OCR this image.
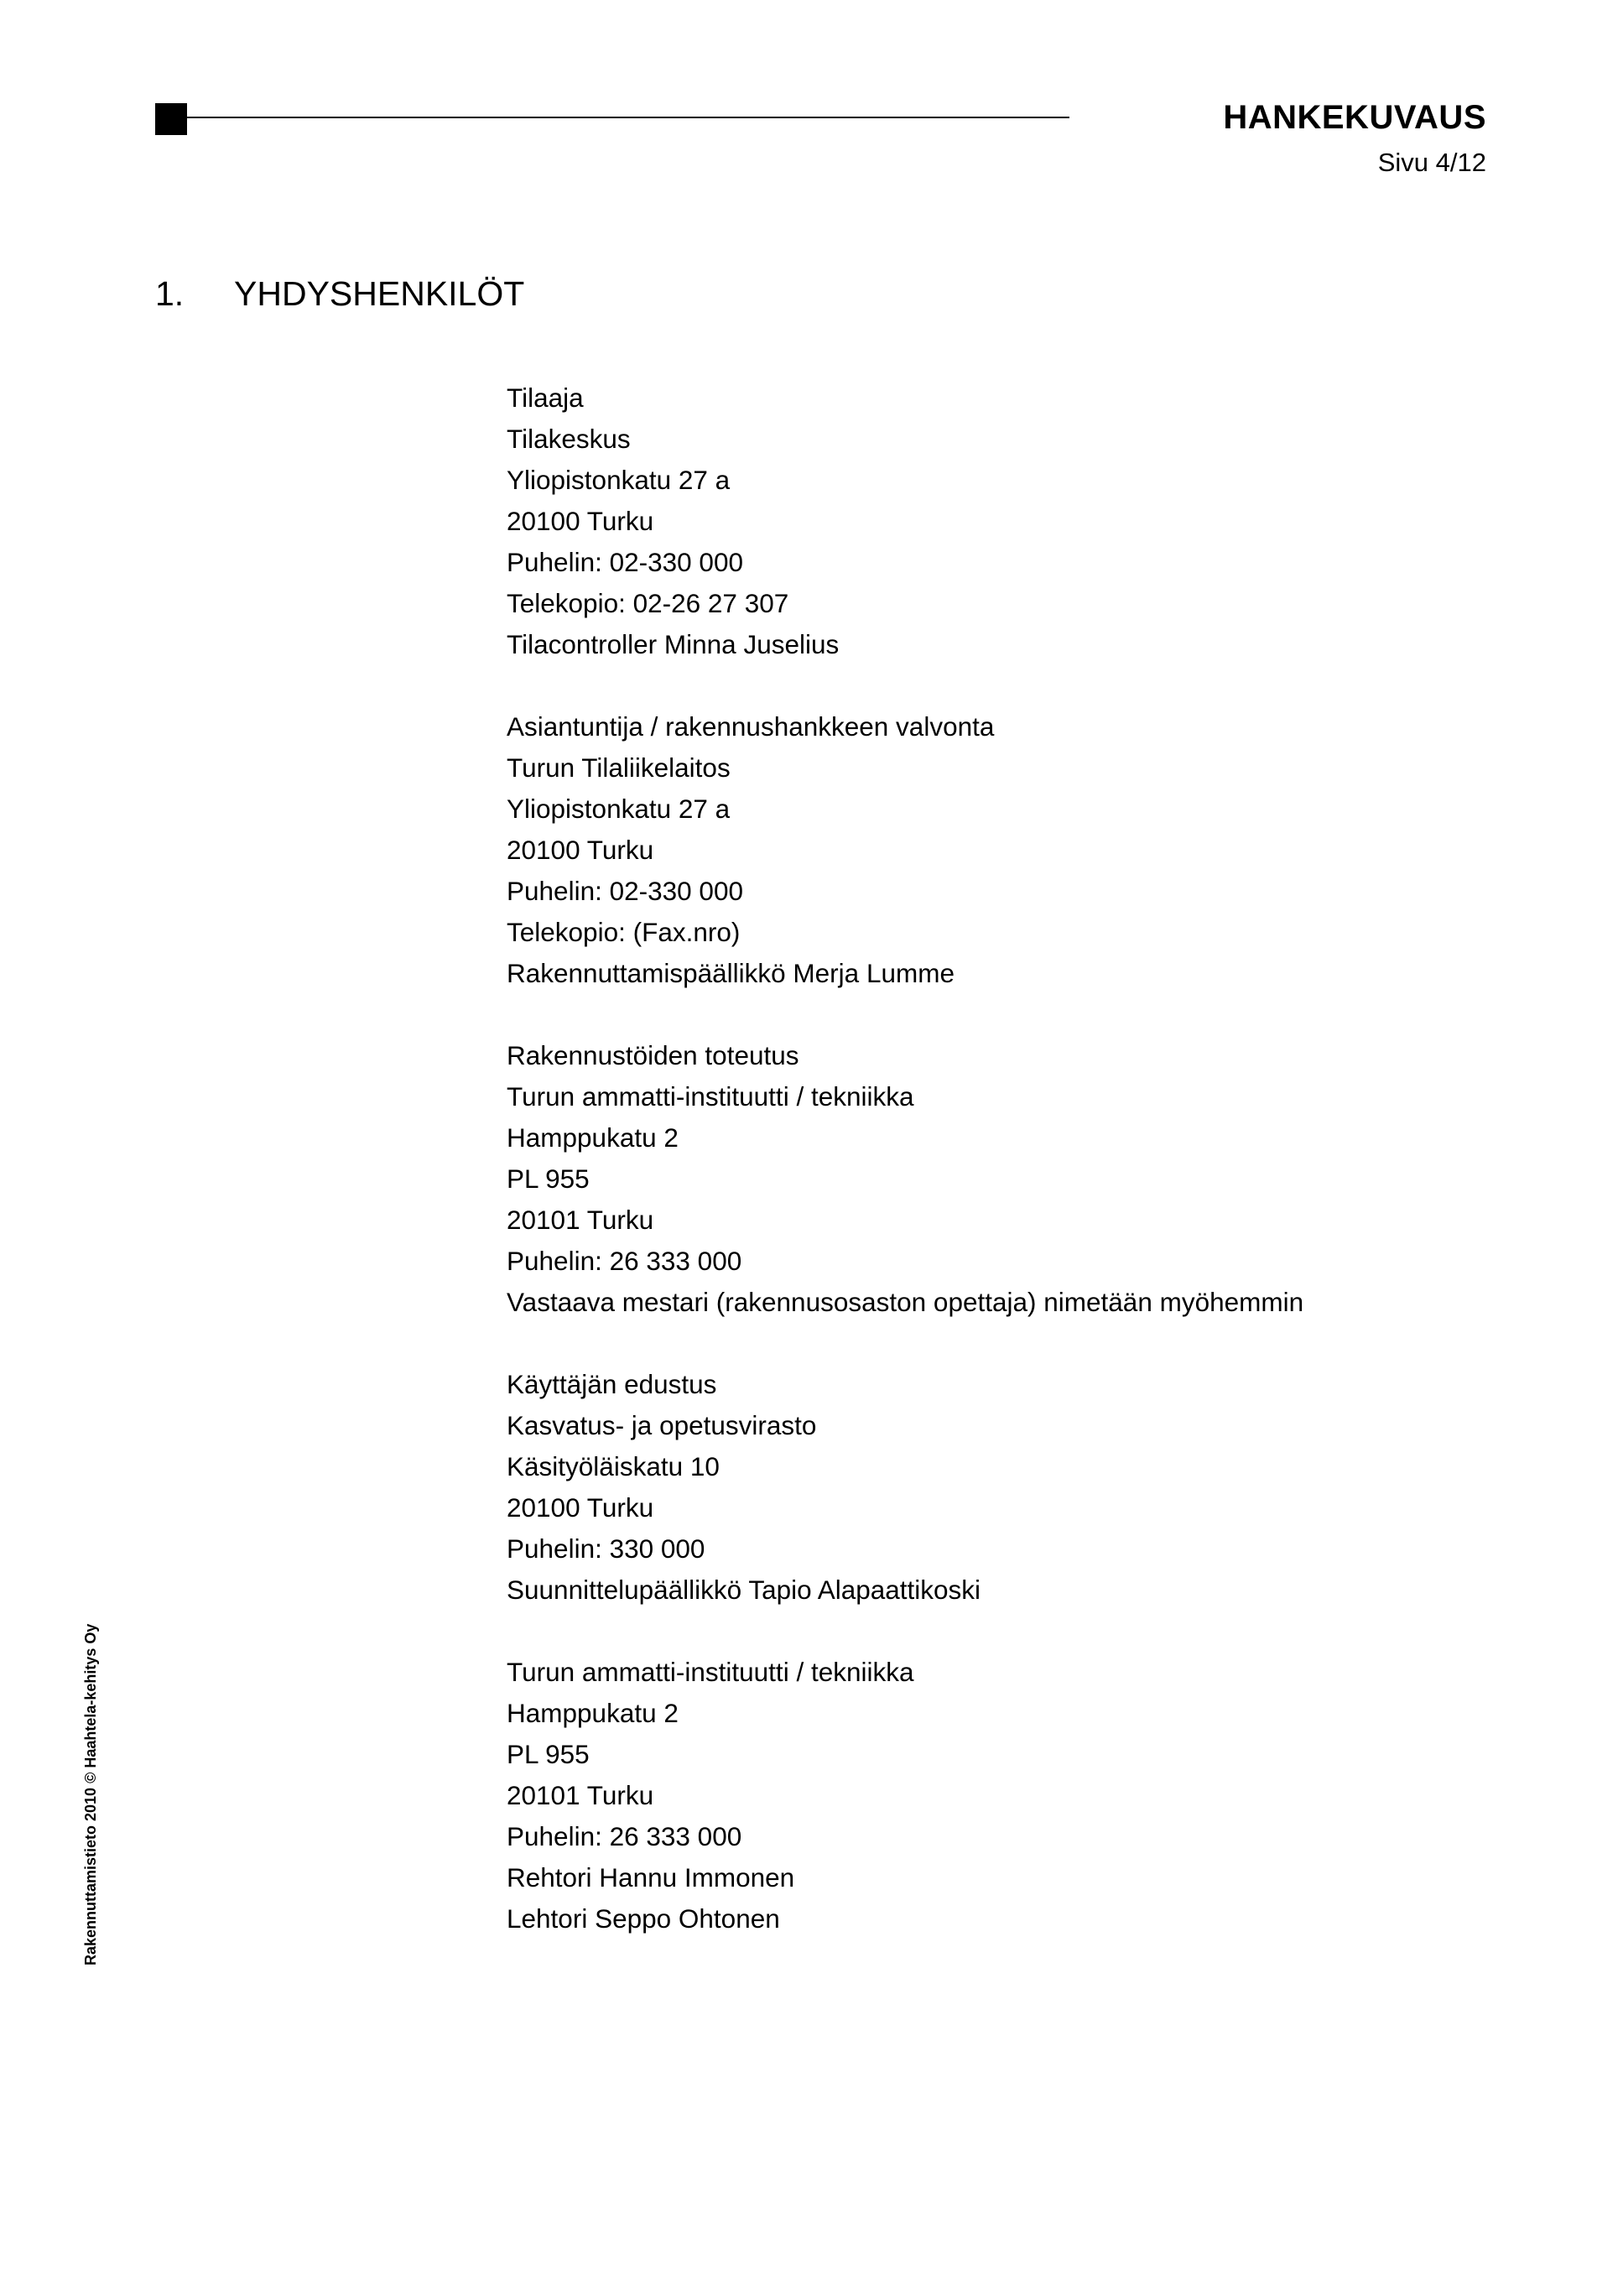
HANKEKUVAUS
Sivu 4/12
1. YHDYSHENKILÖT
Tilaaja
Tilakeskus
Yliopistonkatu 27 a
20100 Turku
Puhelin: 02-330 000
Telekopio: 02-26 27 307
Tilacontroller Minna Juselius
Asiantuntija / rakennushankkeen valvonta
Turun Tilaliikelaitos
Yliopistonkatu 27 a
20100 Turku
Puhelin: 02-330 000
Telekopio: (Fax.nro)
Rakennuttamispäällikkö Merja Lumme
Rakennustöiden toteutus
Turun ammatti-instituutti / tekniikka
Hamppukatu 2
PL 955
20101 Turku
Puhelin: 26 333 000
Vastaava mestari (rakennusosaston opettaja) nimetään myöhemmin
Käyttäjän edustus
Kasvatus- ja opetusvirasto
Käsityöläiskatu 10
20100 Turku
Puhelin: 330 000
Suunnittelupäällikkö Tapio Alapaattikoski
Turun ammatti-instituutti / tekniikka
Hamppukatu 2
PL 955
20101 Turku
Puhelin: 26 333 000
Rehtori Hannu Immonen
Lehtori Seppo Ohtonen
Rakennuttamistieto 2010 © Haahtela-kehitys Oy
